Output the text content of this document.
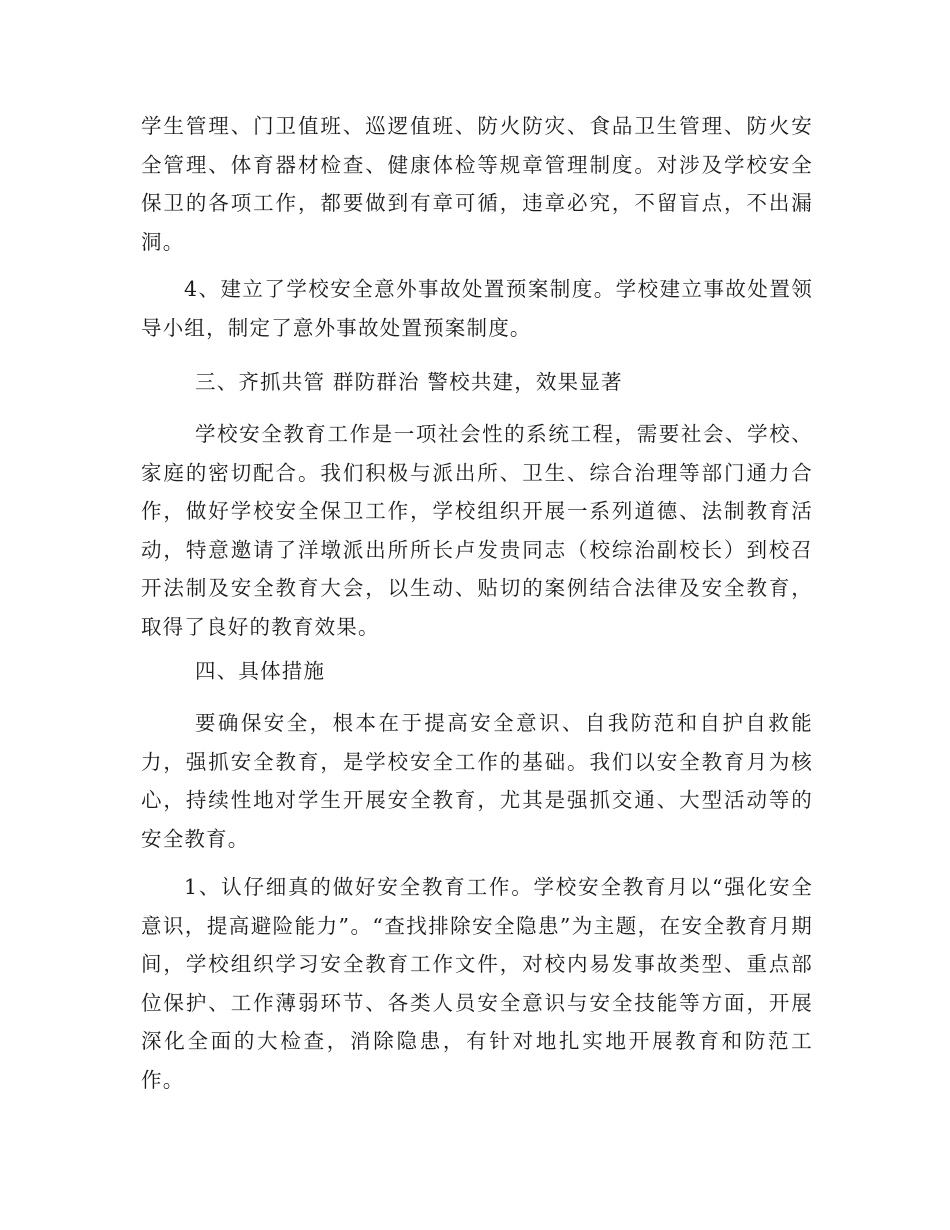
学生管理、门卫值班、巡逻值班、防火防灾、食品卫生管理、防火安全管理、体育器材检查、健康体检等规章管理制度。对涉及学校安全保卫的各项工作，都要做到有章可循，违章必究，不留盲点，不出漏洞。

4、建立了学校安全意外事故处置预案制度。学校建立事故处置领导小组，制定了意外事故处置预案制度。

三、齐抓共管 群防群治 警校共建，效果显著

学校安全教育工作是一项社会性的系统工程，需要社会、学校、家庭的密切配合。我们积极与派出所、卫生、综合治理等部门通力合作，做好学校安全保卫工作，学校组织开展一系列道德、法制教育活动，特意邀请了洋墩派出所所长卢发贵同志（校综治副校长）到校召开法制及安全教育大会，以生动、贴切的案例结合法律及安全教育，取得了良好的教育效果。

四、具体措施

要确保安全，根本在于提高安全意识、自我防范和自护自救能力，强抓安全教育，是学校安全工作的基础。我们以安全教育月为核心，持续性地对学生开展安全教育，尤其是强抓交通、大型活动等的安全教育。

1、认仔细真的做好安全教育工作。学校安全教育月以“强化安全意识，提高避险能力”。“查找排除安全隐患”为主题，在安全教育月期间，学校组织学习安全教育工作文件，对校内易发事故类型、重点部位保护、工作薄弱环节、各类人员安全意识与安全技能等方面，开展深化全面的大检查，消除隐患，有针对地扎实地开展教育和防范工作。
